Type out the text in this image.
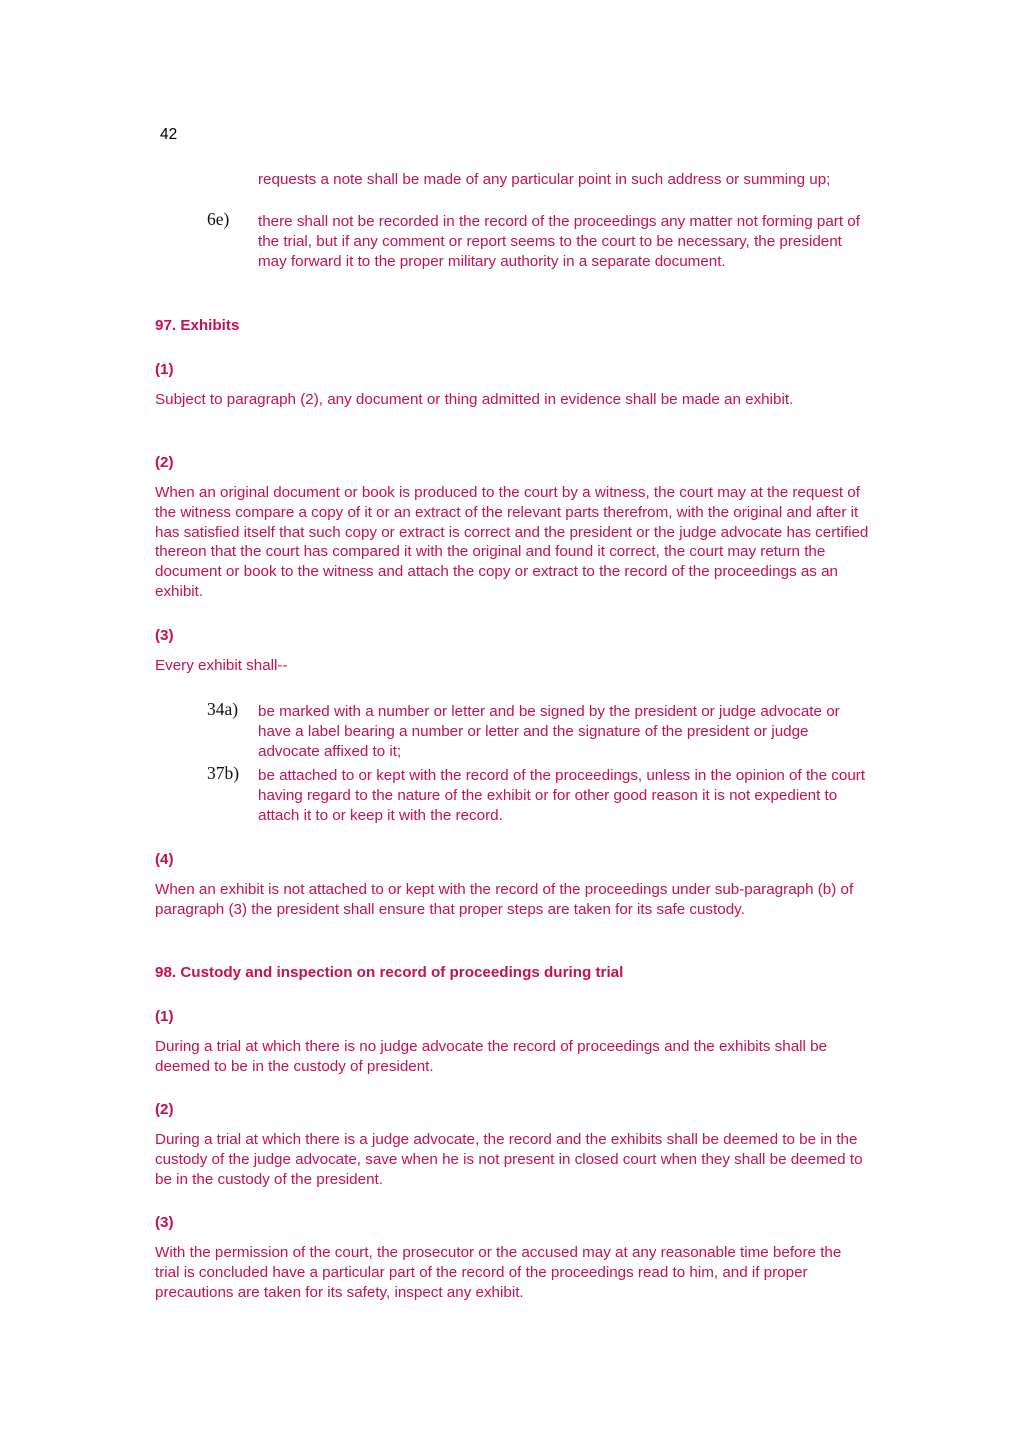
42
requests a note shall be made of any particular point in such address or summing up;
6e) there shall not be recorded in the record of the proceedings any matter not forming part of the trial, but if any comment or report seems to the court to be necessary, the president may forward it to the proper military authority in a separate document.
97. Exhibits
(1)
Subject to paragraph (2), any document or thing admitted in evidence shall be made an exhibit.
(2)
When an original document or book is produced to the court by a witness, the court may at the request of the witness compare a copy of it or an extract of the relevant parts therefrom, with the original and after it has satisfied itself that such copy or extract is correct and the president or the judge advocate has certified thereon that the court has compared it with the original and found it correct, the court may return the document or book to the witness and attach the copy or extract to the record of the proceedings as an exhibit.
(3)
Every exhibit shall--
34a) be marked with a number or letter and be signed by the president or judge advocate or have a label bearing a number or letter and the signature of the president or judge advocate affixed to it;
37b) be attached to or kept with the record of the proceedings, unless in the opinion of the court having regard to the nature of the exhibit or for other good reason it is not expedient to attach it to or keep it with the record.
(4)
When an exhibit is not attached to or kept with the record of the proceedings under sub-paragraph (b) of paragraph (3) the president shall ensure that proper steps are taken for its safe custody.
98. Custody and inspection on record of proceedings during trial
(1)
During a trial at which there is no judge advocate the record of proceedings and the exhibits shall be deemed to be in the custody of president.
(2)
During a trial at which there is a judge advocate, the record and the exhibits shall be deemed to be in the custody of the judge advocate, save when he is not present in closed court when they shall be deemed to be in the custody of the president.
(3)
With the permission of the court, the prosecutor or the accused may at any reasonable time before the trial is concluded have a particular part of the record of the proceedings read to him, and if proper precautions are taken for its safety, inspect any exhibit.
